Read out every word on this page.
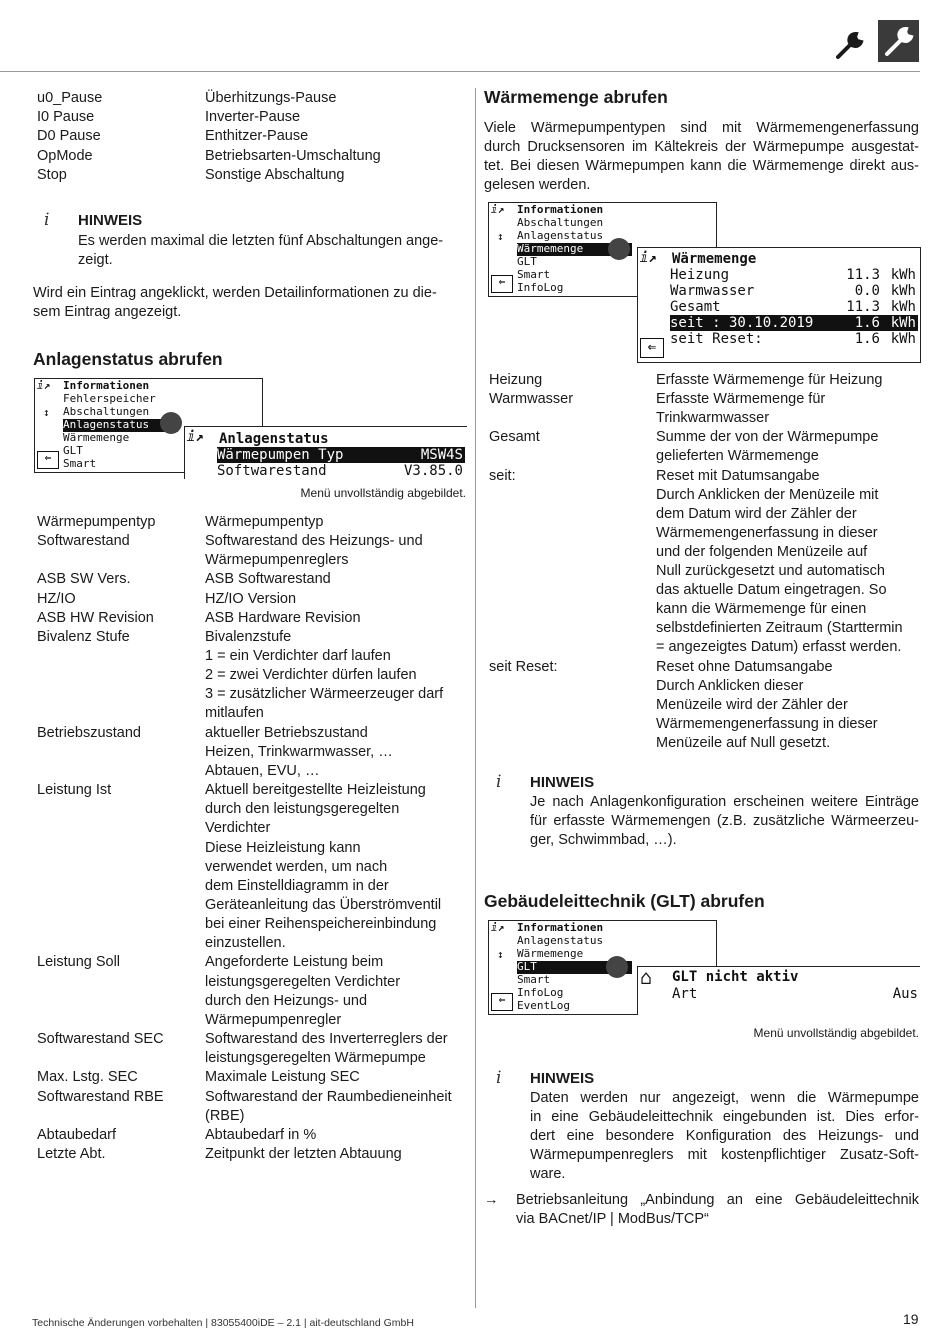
u0_Pause	Überhitzungs-Pause
I0 Pause	Inverter-Pause
D0 Pause	Enthitzer-Pause
OpMode	Betriebsarten-Umschaltung
Stop	Sonstige Abschaltung
i HINWEIS
Es werden maximal die letzten fünf Abschaltungen ange-
zeigt.
Wird ein Eintrag angeklickt, werden Detailinformationen zu die-
sem Eintrag angezeigt.
Anlagenstatus abrufen
Informationen
Fehlerspeicher
Abschaltungen
Anlagenstatus
Wärmemenge
GLT
Smart
ⅈ↗
↕
⇐
ⅈ↗ Anlagenstatus
Wärmepumpen Typ	MSW4S
Softwarestand	V3.85.0
Menü unvollständig abgebildet.
Wärmepumpentyp	Wärmepumpentyp
Softwarestand	Softwarestand des Heizungs- und
Wärmepumpenreglers
ASB SW Vers.	ASB Softwarestand
HZ/IO	HZ/IO Version
ASB HW Revision	ASB Hardware Revision
Bivalenz Stufe	Bivalenzstufe
1 = ein Verdichter darf laufen
2 = zwei Verdichter dürfen laufen
3 = zusätzlicher Wärmeerzeuger darf
mitlaufen
Betriebszustand	aktueller Betriebszustand
Heizen, Trinkwarmwasser, …
Abtauen, EVU, …
Leistung Ist	Aktuell bereitgestellte Heizleistung
durch den leistungsgeregelten
Verdichter
Diese Heizleistung kann
verwendet werden, um nach
dem Einstelldiagramm in der
Geräteanleitung das Überströmventil
bei einer Reihenspeichereinbindung
einzustellen.
Leistung Soll	Angeforderte Leistung beim
leistungsgeregelten Verdichter
durch den Heizungs- und
Wärmepumpenregler
Softwarestand SEC	Softwarestand des Inverterreglers der
leistungsgeregelten Wärmepumpe
Max. Lstg. SEC	Maximale Leistung SEC
Softwarestand RBE	Softwarestand der Raumbedieneinheit
(RBE)
Abtaubedarf	Abtaubedarf in %
Letzte Abt.	Zeitpunkt der letzten Abtauung
Wärmemenge abrufen
Viele Wärmepumpentypen sind mit Wärmemengenerfassung
durch Drucksensoren im Kältekreis der Wärmepumpe ausgestat-
tet. Bei diesen Wärmepumpen kann die Wärmemenge direkt aus-
gelesen werden.
ⅈ↗ Informationen
Abschaltungen
Anlagenstatus
Wärmemenge
GLT
Smart
InfoLog
↕
⇐
ⅈ↗ Wärmemenge
Heizung	11.3 kWh
Warmwasser	0.0 kWh
Gesamt	11.3 kWh
seit : 30.10.2019	1.6 kWh
seit Reset:	1.6 kWh
⇐
Heizung	Erfasste Wärmemenge für Heizung
Warmwasser	Erfasste Wärmemenge für
Trinkwarmwasser
Gesamt	Summe der von der Wärmepumpe
gelieferten Wärmemenge
seit:	Reset mit Datumsangabe
Durch Anklicken der Menüzeile mit
dem Datum wird der Zähler der
Wärmemengenerfassung in dieser
und der folgenden Menüzeile auf
Null zurückgesetzt und automatisch
das aktuelle Datum eingetragen. So
kann die Wärmemenge für einen
selbstdefinierten Zeitraum (Starttermin
= angezeigtes Datum) erfasst werden.
seit Reset:	Reset ohne Datumsangabe
Durch Anklicken dieser
Menüzeile wird der Zähler der
Wärmemengenerfassung in dieser
Menüzeile auf Null gesetzt.
i HINWEIS
Je nach Anlagenkonfiguration erscheinen weitere Einträge
für erfasste Wärmemengen (z.B. zusätzliche Wärmeerzeu-
ger, Schwimmbad, …).
Gebäudeleittechnik (GLT) abrufen
ⅈ↗ Informationen
Anlagenstatus
Wärmemenge
GLT
Smart
InfoLog
EventLog
↕
⇐
⌂ GLT nicht aktiv
Art	Aus
Menü unvollständig abgebildet.
i HINWEIS
Daten werden nur angezeigt, wenn die Wärmepumpe
in eine Gebäudeleittechnik eingebunden ist. Dies erfor-
dert eine besondere Konfiguration des Heizungs- und
Wärmepumpenreglers mit kostenpflichtiger Zusatz-Soft-
ware.
→ Betriebsanleitung „Anbindung an eine Gebäudeleittechnik
via BACnet/IP | ModBus/TCP“
Technische Änderungen vorbehalten | 83055400iDE – 2.1 | ait-deutschland GmbH	19
